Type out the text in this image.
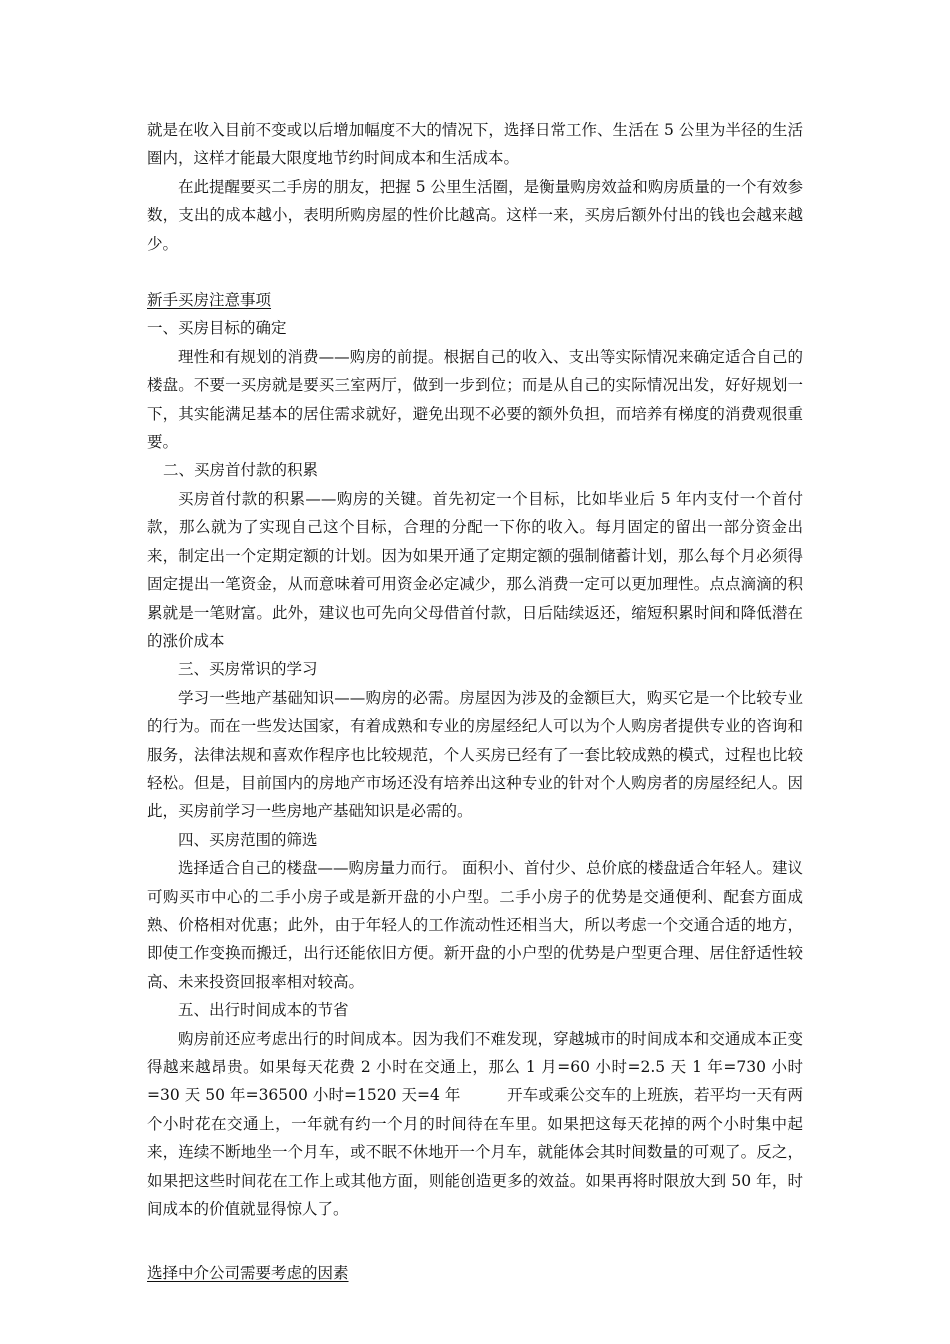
就是在收入目前不变或以后增加幅度不大的情况下，选择日常工作、生活在 5 公里为半径的生活圈内，这样才能最大限度地节约时间成本和生活成本。

在此提醒要买二手房的朋友，把握 5 公里生活圈，是衡量购房效益和购房质量的一个有效参数，支出的成本越小，表明所购房屋的性价比越高。这样一来，买房后额外付出的钱也会越来越少。

新手买房注意事项

一、买房目标的确定

理性和有规划的消费——购房的前提。根据自己的收入、支出等实际情况来确定适合自己的楼盘。不要一买房就是要买三室两厅，做到一步到位；而是从自己的实际情况出发，好好规划一下，其实能满足基本的居住需求就好，避免出现不必要的额外负担，而培养有梯度的消费观很重要。

二、买房首付款的积累

买房首付款的积累——购房的关键。首先初定一个目标，比如毕业后 5 年内支付一个首付款，那么就为了实现自己这个目标，合理的分配一下你的收入。每月固定的留出一部分资金出来，制定出一个定期定额的计划。因为如果开通了定期定额的强制储蓄计划，那么每个月必须得固定提出一笔资金，从而意味着可用资金必定减少，那么消费一定可以更加理性。点点滴滴的积累就是一笔财富。此外，建议也可先向父母借首付款，日后陆续返还，缩短积累时间和降低潜在的涨价成本

三、买房常识的学习

学习一些地产基础知识——购房的必需。房屋因为涉及的金额巨大，购买它是一个比较专业的行为。而在一些发达国家，有着成熟和专业的房屋经纪人可以为个人购房者提供专业的咨询和服务，法律法规和喜欢作程序也比较规范，个人买房已经有了一套比较成熟的模式，过程也比较轻松。但是，目前国内的房地产市场还没有培养出这种专业的针对个人购房者的房屋经纪人。因此，买房前学习一些房地产基础知识是必需的。

四、买房范围的筛选

选择适合自己的楼盘——购房量力而行。 面积小、首付少、总价底的楼盘适合年轻人。建议可购买市中心的二手小房子或是新开盘的小户型。二手小房子的优势是交通便利、配套方面成熟、价格相对优惠；此外，由于年轻人的工作流动性还相当大，所以考虑一个交通合适的地方，即使工作变换而搬迁，出行还能依旧方便。新开盘的小户型的优势是户型更合理、居住舒适性较高、未来投资回报率相对较高。

五、出行时间成本的节省

购房前还应考虑出行的时间成本。因为我们不难发现，穿越城市的时间成本和交通成本正变得越来越昂贵。如果每天花费 2 小时在交通上，那么 1 月=60 小时=2.5 天 1 年=730 小时=30 天 50 年=36500 小时=1520 天=4 年　　　开车或乘公交车的上班族，若平均一天有两个小时花在交通上，一年就有约一个月的时间待在车里。如果把这每天花掉的两个小时集中起来，连续不断地坐一个月车，或不眠不休地开一个月车，就能体会其时间数量的可观了。反之，如果把这些时间花在工作上或其他方面，则能创造更多的效益。如果再将时限放大到 50 年，时间成本的价值就显得惊人了。

选择中介公司需要考虑的因素
